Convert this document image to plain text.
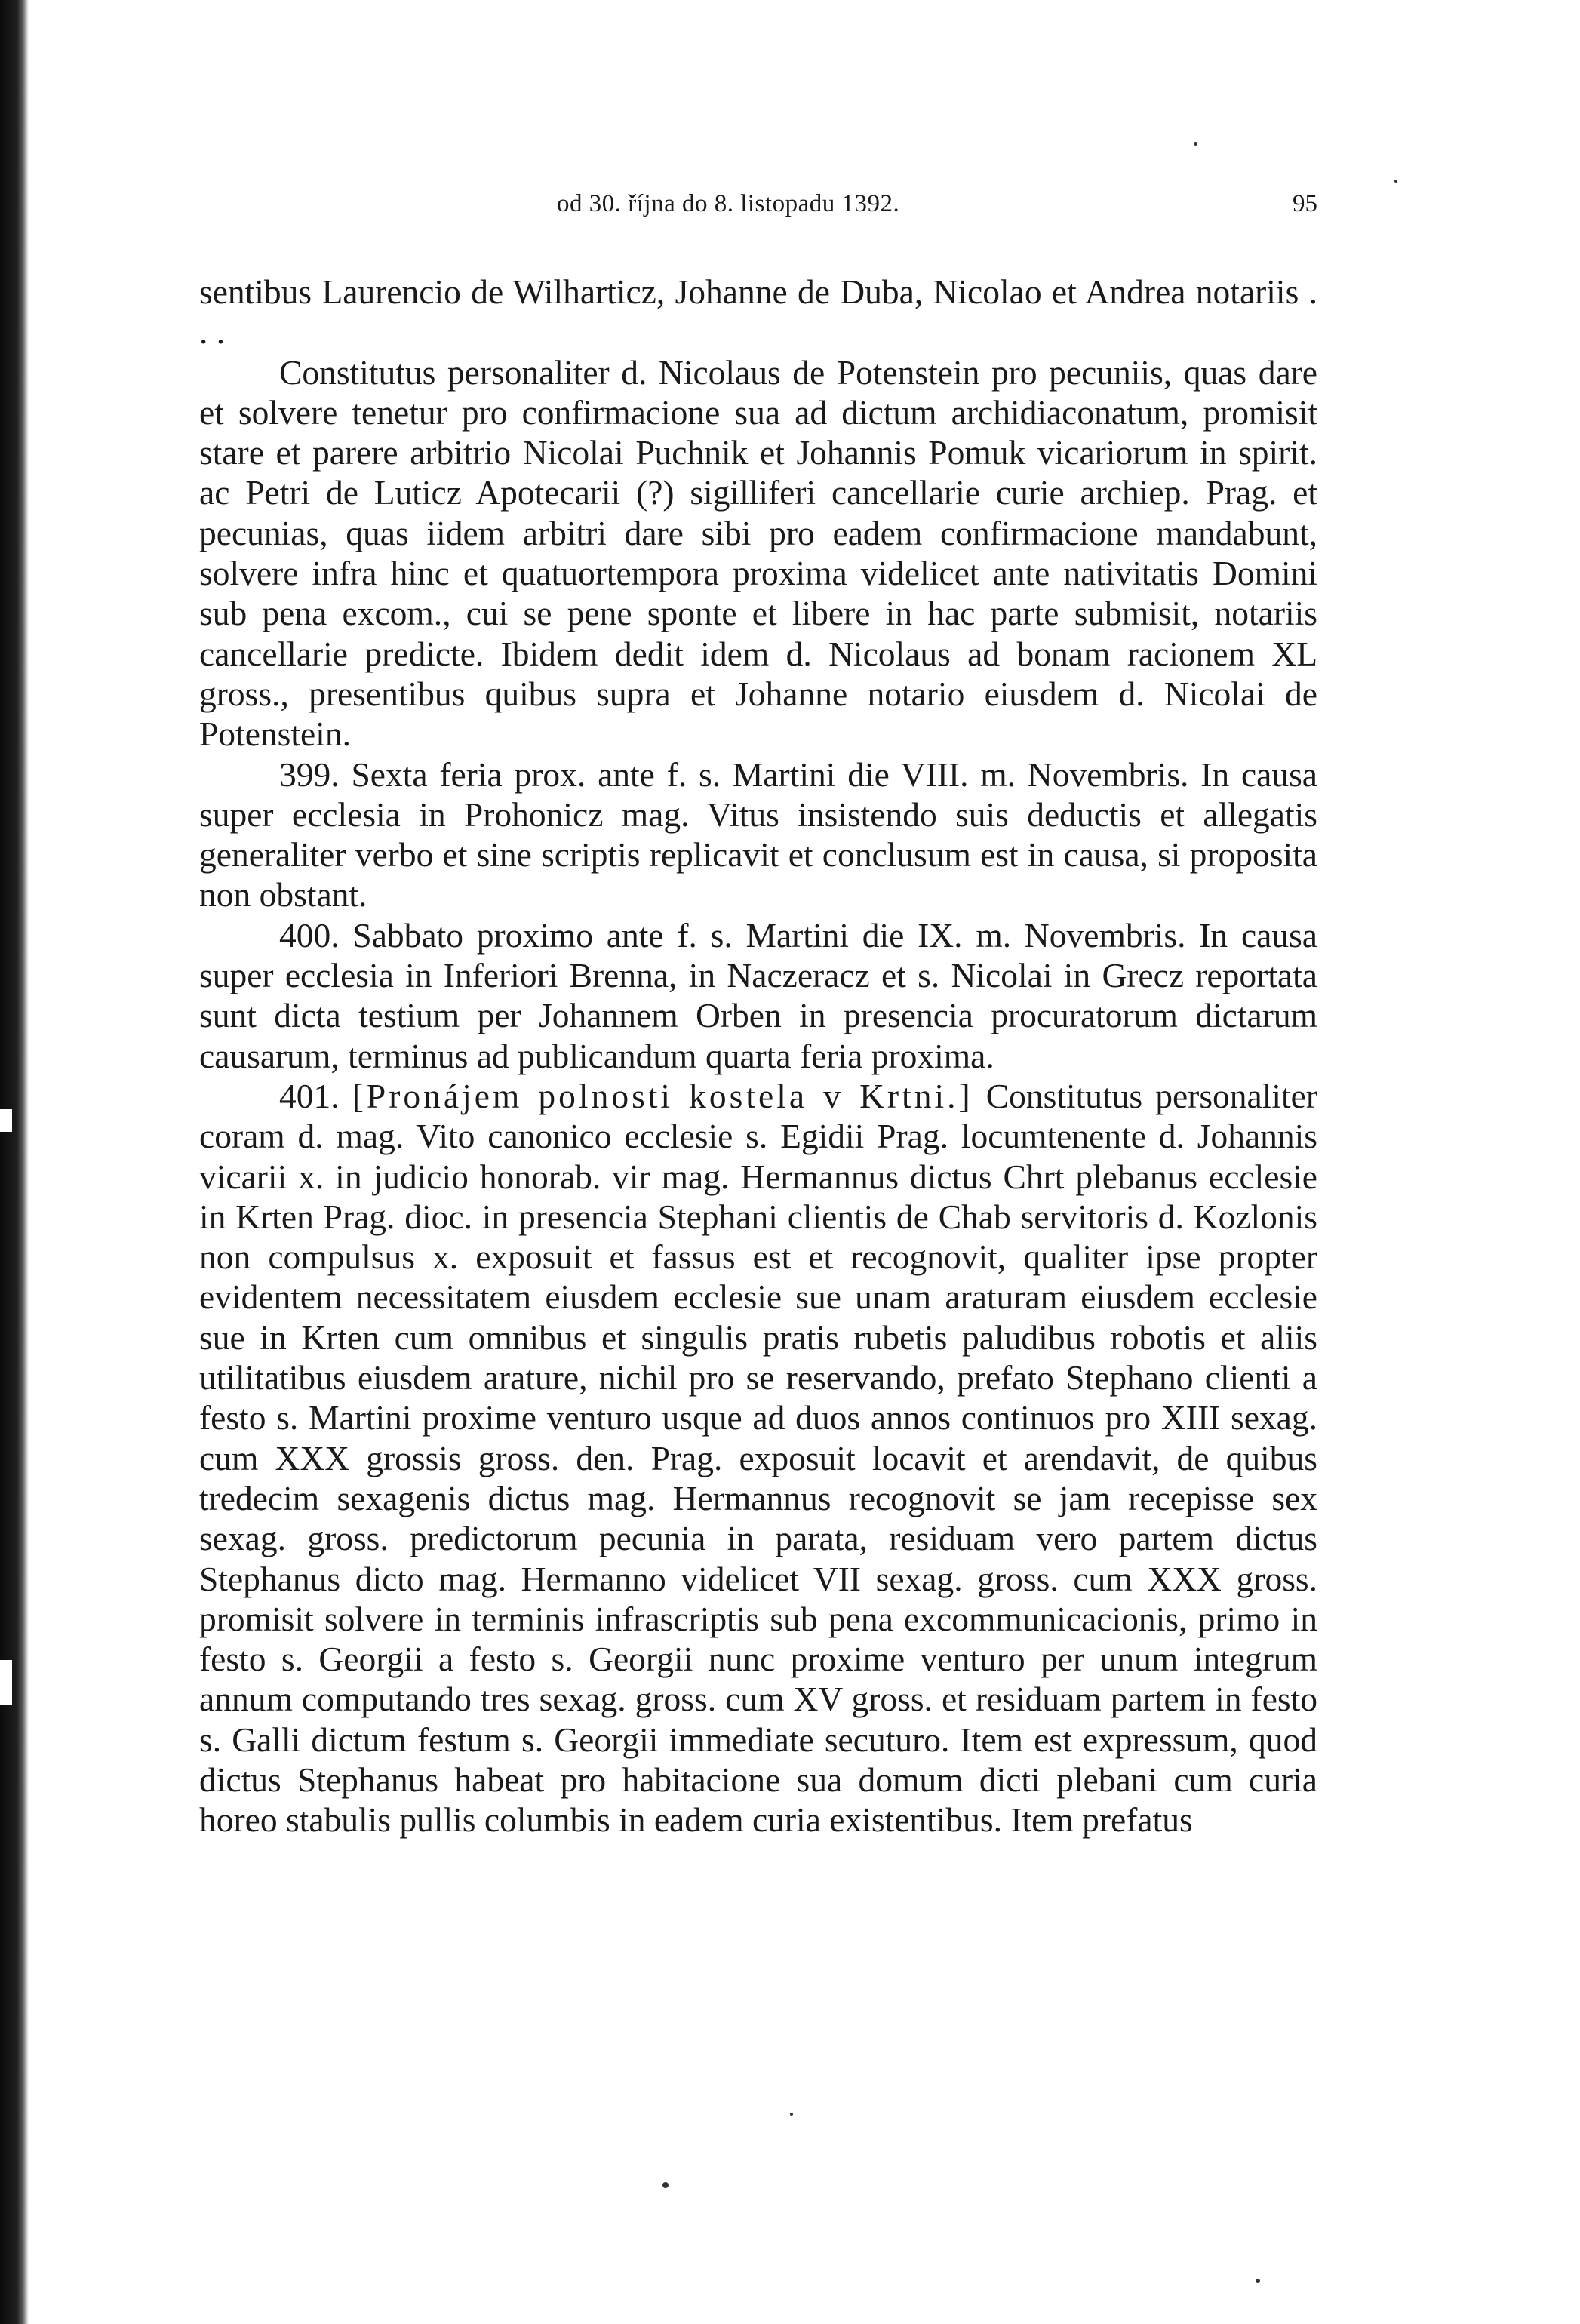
od 30. října do 8. listopadu 1392.	95

sentibus Laurencio de Wilharticz, Johanne de Duba, Nicolao et Andrea notariis . . .

Constitutus personaliter d. Nicolaus de Potenstein pro pecuniis, quas dare et solvere tenetur pro confirmacione sua ad dictum archidiaconatum, promisit stare et parere arbitrio Nicolai Puchnik et Johannis Pomuk vicariorum in spirit. ac Petri de Luticz Apotecarii (?) sigilliferi cancellarie curie archiep. Prag. et pecunias, quas iidem arbitri dare sibi pro eadem confirmacione mandabunt, solvere infra hinc et quatuortempora proxima videlicet ante nativitatis Domini sub pena excom., cui se pene sponte et libere in hac parte submisit, notariis cancellarie predicte. Ibidem dedit idem d. Nicolaus ad bonam racionem XL gross., presentibus quibus supra et Johanne notario eiusdem d. Nicolai de Potenstein.

399. Sexta feria prox. ante f. s. Martini die VIII. m. Novembris. In causa super ecclesia in Prohonicz mag. Vitus insistendo suis deductis et allegatis generaliter verbo et sine scriptis replicavit et conclusum est in causa, si proposita non obstant.

400. Sabbato proximo ante f. s. Martini die IX. m. Novembris. In causa super ecclesia in Inferiori Brenna, in Naczeracz et s. Nicolai in Grecz reportata sunt dicta testium per Johannem Orben in presencia procuratorum dictarum causarum, terminus ad publicandum quarta feria proxima.

401. [Pronájem polnosti kostela v Krtni.] Constitutus personaliter coram d. mag. Vito canonico ecclesie s. Egidii Prag. locumtenente d. Johannis vicarii x. in judicio honorab. vir mag. Hermannus dictus Chrt plebanus ecclesie in Krten Prag. dioc. in presencia Stephani clientis de Chab servitoris d. Kozlonis non compulsus x. exposuit et fassus est et recognovit, qualiter ipse propter evidentem necessitatem eiusdem ecclesie sue unam araturam eiusdem ecclesie sue in Krten cum omnibus et singulis pratis rubetis paludibus robotis et aliis utilitatibus eiusdem arature, nichil pro se reservando, prefato Stephano clienti a festo s. Martini proxime venturo usque ad duos annos continuos pro XIII sexag. cum XXX grossis gross. den. Prag. exposuit locavit et arendavit, de quibus tredecim sexagenis dictus mag. Hermannus recognovit se jam recepisse sex sexag. gross. predictorum pecunia in parata, residuam vero partem dictus Stephanus dicto mag. Hermanno videlicet VII sexag. gross. cum XXX gross. promisit solvere in terminis infrascriptis sub pena excommunicacionis, primo in festo s. Georgii a festo s. Georgii nunc proxime venturo per unum integrum annum computando tres sexag. gross. cum XV gross. et residuam partem in festo s. Galli dictum festum s. Georgii immediate secuturo. Item est expressum, quod dictus Stephanus habeat pro habitacione sua domum dicti plebani cum curia horeo stabulis pullis columbis in eadem curia existentibus. Item prefatus
